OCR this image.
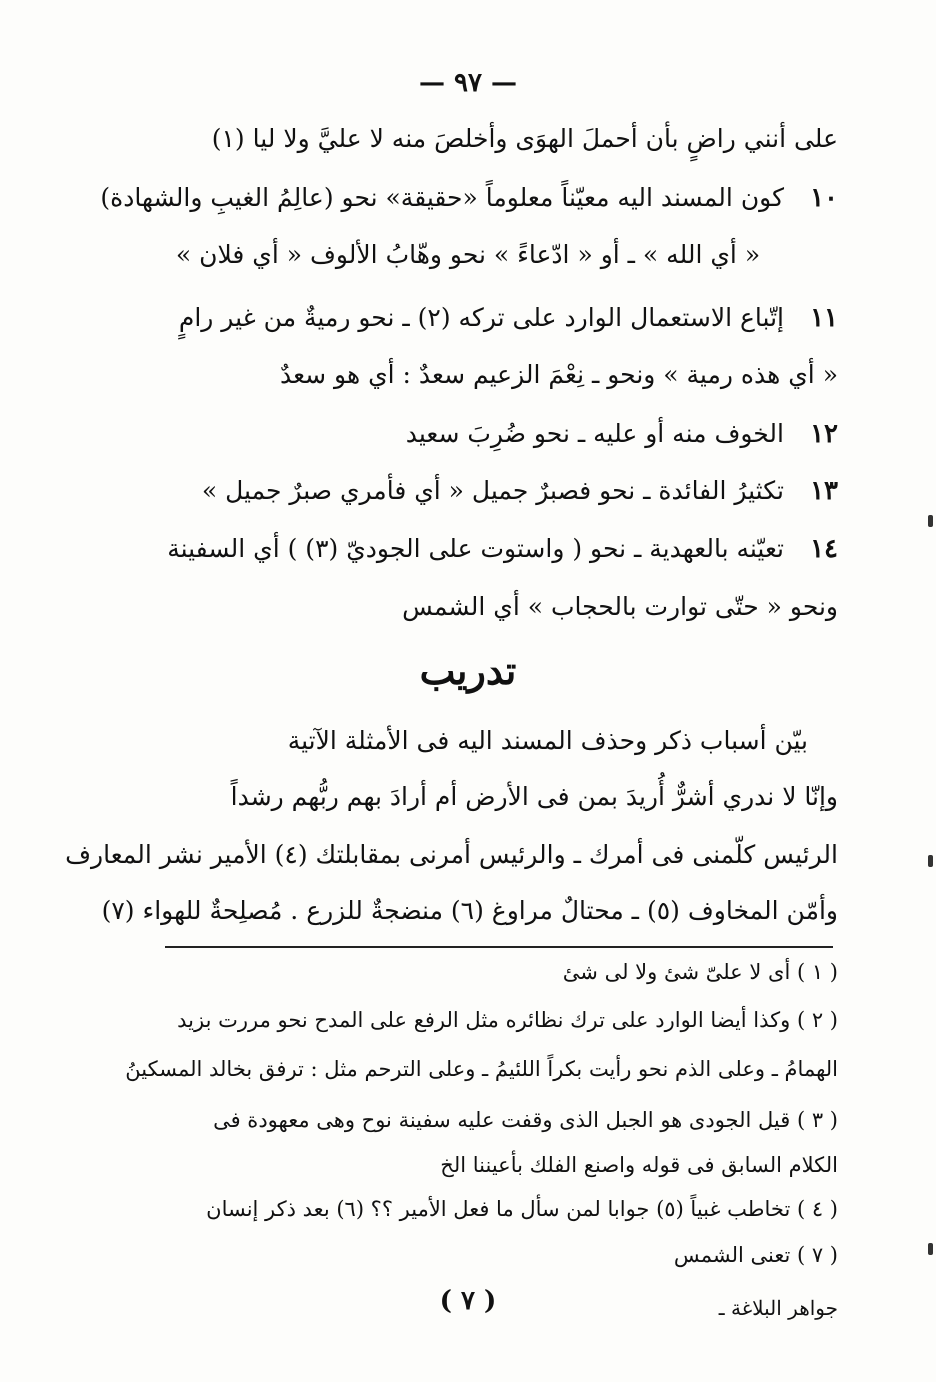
— ٩٧ —
على أنني راضٍ بأن أحملَ الهوَى وأخلصَ منه لا عليَّ ولا ليا (١)
١٠كون المسند اليه معيّناً معلوماً «حقيقة» نحو (عالِمُ الغيبِ والشهادة)
« أي الله » ـ أو « ادّعاءً » نحو وهّابُ الألوف « أي فلان »
١١إتّباع الاستعمال الوارد على تركه (٢) ـ نحو رميةٌ من غير رامٍ
« أي هذه رمية » ونحو ـ نِعْمَ الزعيم سعدٌ : أي هو سعدٌ
١٢الخوف منه أو عليه ـ نحو ضُرِبَ سعيد
١٣تكثيرُ الفائدة ـ نحو فصبرٌ جميل « أي فأمري صبرٌ جميل »
١٤تعيّنه بالعهدية ـ نحو ( واستوت على الجوديّ (٣) ) أي السفينة
ونحو « حتّى توارت بالحجاب » أي الشمس
تدريب
بيّن أسباب ذكر وحذف المسند اليه فى الأمثلة الآتية
وإنّا لا ندري أشرٌّ أُريدَ بمن فى الأرض أم أرادَ بهم ربُّهم رشداً
الرئيس كلّمنى فى أمرك ـ والرئيس أمرنى بمقابلتك (٤) الأمير نشر المعارف
وأمّن المخاوف (٥) ـ محتالٌ مراوغ (٦) منضجةٌ للزرع . مُصلِحةٌ للهواء (٧)
( ١ ) أى لا علىّ شئ ولا لى شئ
( ٢ ) وكذا أيضا الوارد على ترك نظائره مثل الرفع على المدح نحو مررت بزيد
الهمامُ ـ وعلى الذم نحو رأيت بكراً اللئيمُ ـ وعلى الترحم مثل : ترفق بخالد المسكينُ
( ٣ ) قيل الجودى هو الجبل الذى وقفت عليه سفينة نوح وهى معهودة فى
الكلام السابق فى قوله واصنع الفلك بأعيننا الخ
( ٤ ) تخاطب غبياً (٥) جوابا لمن سأل ما فعل الأمير ؟؟ (٦) بعد ذكر إنسان
( ٧ ) تعنى الشمس
( ٧ )	جواهر البلاغة ـ
